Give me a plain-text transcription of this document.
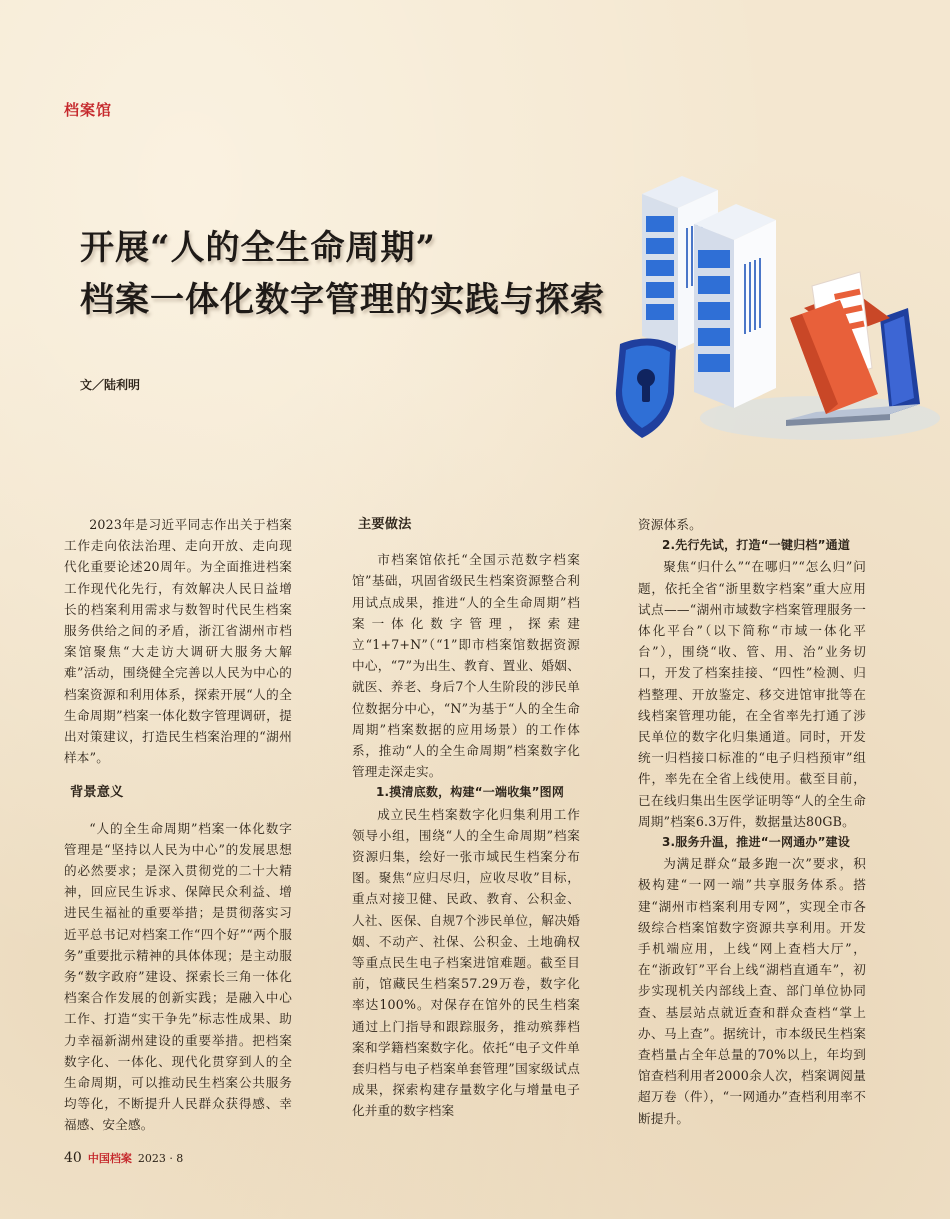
档案馆
开展“人的全生命周期”
档案一体化数字管理的实践与探索
文／陆利明

2023年是习近平同志作出关于档案工作走向依法治理、走向开放、走向现代化重要论述20周年。为全面推进档案工作现代化先行，有效解决人民日益增长的档案利用需求与数智时代民生档案服务供给之间的矛盾，浙江省湖州市档案馆聚焦“大走访大调研大服务大解难”活动，围绕健全完善以人民为中心的档案资源和利用体系，探索开展“人的全生命周期”档案一体化数字管理调研，提出对策建议，打造民生档案治理的“湖州样本”。

背景意义

“人的全生命周期”档案一体化数字管理是“坚持以人民为中心”的发展思想的必然要求；是深入贯彻党的二十大精神，回应民生诉求、保障民众利益、增进民生福祉的重要举措；是贯彻落实习近平总书记对档案工作“四个好”“两个服务”重要批示精神的具体体现；是主动服务“数字政府”建设、探索长三角一体化档案合作发展的创新实践；是融入中心工作、打造“实干争先”标志性成果、助力幸福新湖州建设的重要举措。把档案数字化、一体化、现代化贯穿到人的全生命周期，可以推动民生档案公共服务均等化，不断提升人民群众获得感、幸福感、安全感。

主要做法

市档案馆依托“全国示范数字档案馆”基础，巩固省级民生档案资源整合利用试点成果，推进“人的全生命周期”档案一体化数字管理，探索建立“1+7+N”（“1”即市档案馆数据资源中心，“7”为出生、教育、置业、婚姻、就医、养老、身后7个人生阶段的涉民单位数据分中心，“N”为基于“人的全生命周期”档案数据的应用场景）的工作体系，推动“人的全生命周期”档案数字化管理走深走实。

1.摸清底数，构建“一端收集”图网

成立民生档案数字化归集利用工作领导小组，围绕“人的全生命周期”档案资源归集，绘好一张市域民生档案分布图。聚焦“应归尽归，应收尽收”目标，重点对接卫健、民政、教育、公积金、人社、医保、自规7个涉民单位，解决婚姻、不动产、社保、公积金、土地确权等重点民生电子档案进馆难题。截至目前，馆藏民生档案57.29万卷，数字化率达100%。对保存在馆外的民生档案通过上门指导和跟踪服务，推动殡葬档案和学籍档案数字化。依托“电子文件单套归档与电子档案单套管理”国家级试点成果，探索构建存量数字化与增量电子化并重的数字档案

资源体系。

2.先行先试，打造“一键归档”通道

聚焦“归什么”“在哪归”“怎么归”问题，依托全省“浙里数字档案”重大应用试点——“湖州市域数字档案管理服务一体化平台”（以下简称“市域一体化平台”），围绕“收、管、用、治”业务切口，开发了档案挂接、“四性”检测、归档整理、开放鉴定、移交进馆审批等在线档案管理功能，在全省率先打通了涉民单位的数字化归集通道。同时，开发统一归档接口标准的“电子归档预审”组件，率先在全省上线使用。截至目前，已在线归集出生医学证明等“人的全生命周期”档案6.3万件，数据量达80GB。

3.服务升温，推进“一网通办”建设

为满足群众“最多跑一次”要求，积极构建“一网一端”共享服务体系。搭建“湖州市档案利用专网”，实现全市各级综合档案馆数字资源共享利用。开发手机端应用，上线“网上查档大厅”，在“浙政钉”平台上线“湖档直通车”，初步实现机关内部线上查、部门单位协同查、基层站点就近查和群众查档“掌上办、马上查”。据统计，市本级民生档案查档量占全年总量的70%以上，年均到馆查档利用者2000余人次，档案调阅量超万卷（件），“一网通办”查档利用率不断提升。

40 中国档案 2023 · 8
